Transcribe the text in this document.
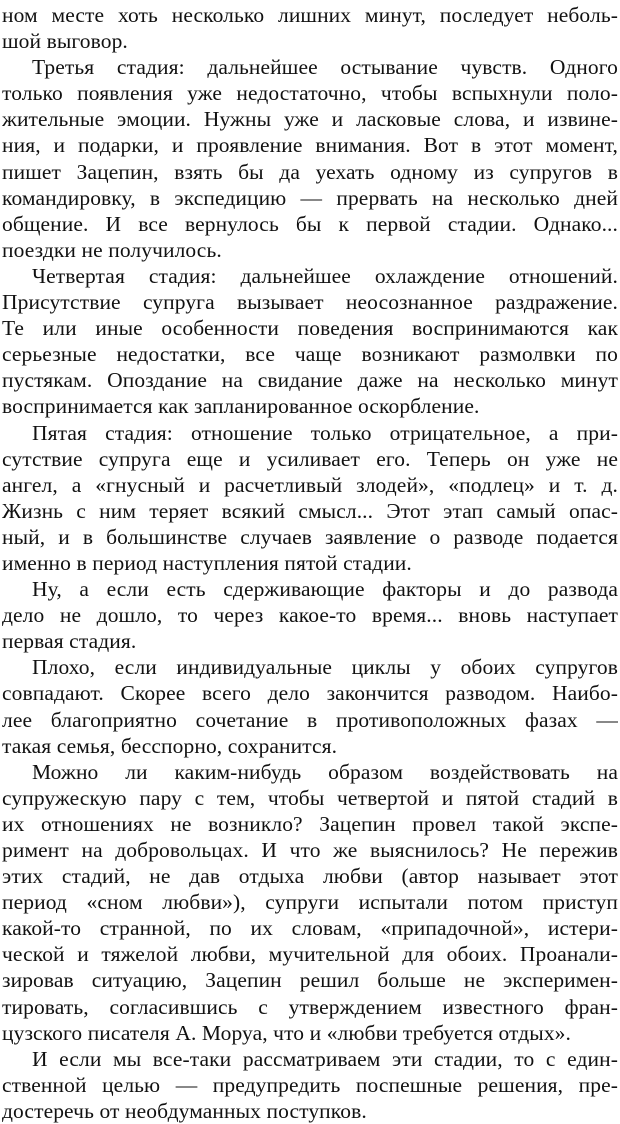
ном месте хоть несколько лишних минут, последует неболь-
шой выговор.
Третья стадия: дальнейшее остывание чувств. Одного
только появления уже недостаточно, чтобы вспыхнули поло-
жительные эмоции. Нужны уже и ласковые слова, и извине-
ния, и подарки, и проявление внимания. Вот в этот момент,
пишет Зацепин, взять бы да уехать одному из супругов в
командировку, в экспедицию — прервать на несколько дней
общение. И все вернулось бы к первой стадии. Однако...
поездки не получилось.
Четвертая стадия: дальнейшее охлаждение отношений.
Присутствие супруга вызывает неосознанное раздражение.
Те или иные особенности поведения воспринимаются как
серьезные недостатки, все чаще возникают размолвки по
пустякам. Опоздание на свидание даже на несколько минут
воспринимается как запланированное оскорбление.
Пятая стадия: отношение только отрицательное, а при-
сутствие супруга еще и усиливает его. Теперь он уже не
ангел, а «гнусный и расчетливый злодей», «подлец» и т. д.
Жизнь с ним теряет всякий смысл... Этот этап самый опас-
ный, и в большинстве случаев заявление о разводе подается
именно в период наступления пятой стадии.
Ну, а если есть сдерживающие факторы и до развода
дело не дошло, то через какое-то время... вновь наступает
первая стадия.
Плохо, если индивидуальные циклы у обоих супругов
совпадают. Скорее всего дело закончится разводом. Наибо-
лее благоприятно сочетание в противоположных фазах —
такая семья, бесспорно, сохранится.
Можно ли каким-нибудь образом воздействовать на
супружескую пару с тем, чтобы четвертой и пятой стадий в
их отношениях не возникло? Зацепин провел такой экспе-
римент на добровольцах. И что же выяснилось? Не пережив
этих стадий, не дав отдыха любви (автор называет этот
период «сном любви»), супруги испытали потом приступ
какой-то странной, по их словам, «припадочной», истери-
ческой и тяжелой любви, мучительной для обоих. Проанали-
зировав ситуацию, Зацепин решил больше не эксперимен-
тировать, согласившись с утверждением известного фран-
цузского писателя А. Моруа, что и «любви требуется отдых».
И если мы все-таки рассматриваем эти стадии, то с един-
ственной целью — предупредить поспешные решения, пре-
достеречь от необдуманных поступков.
